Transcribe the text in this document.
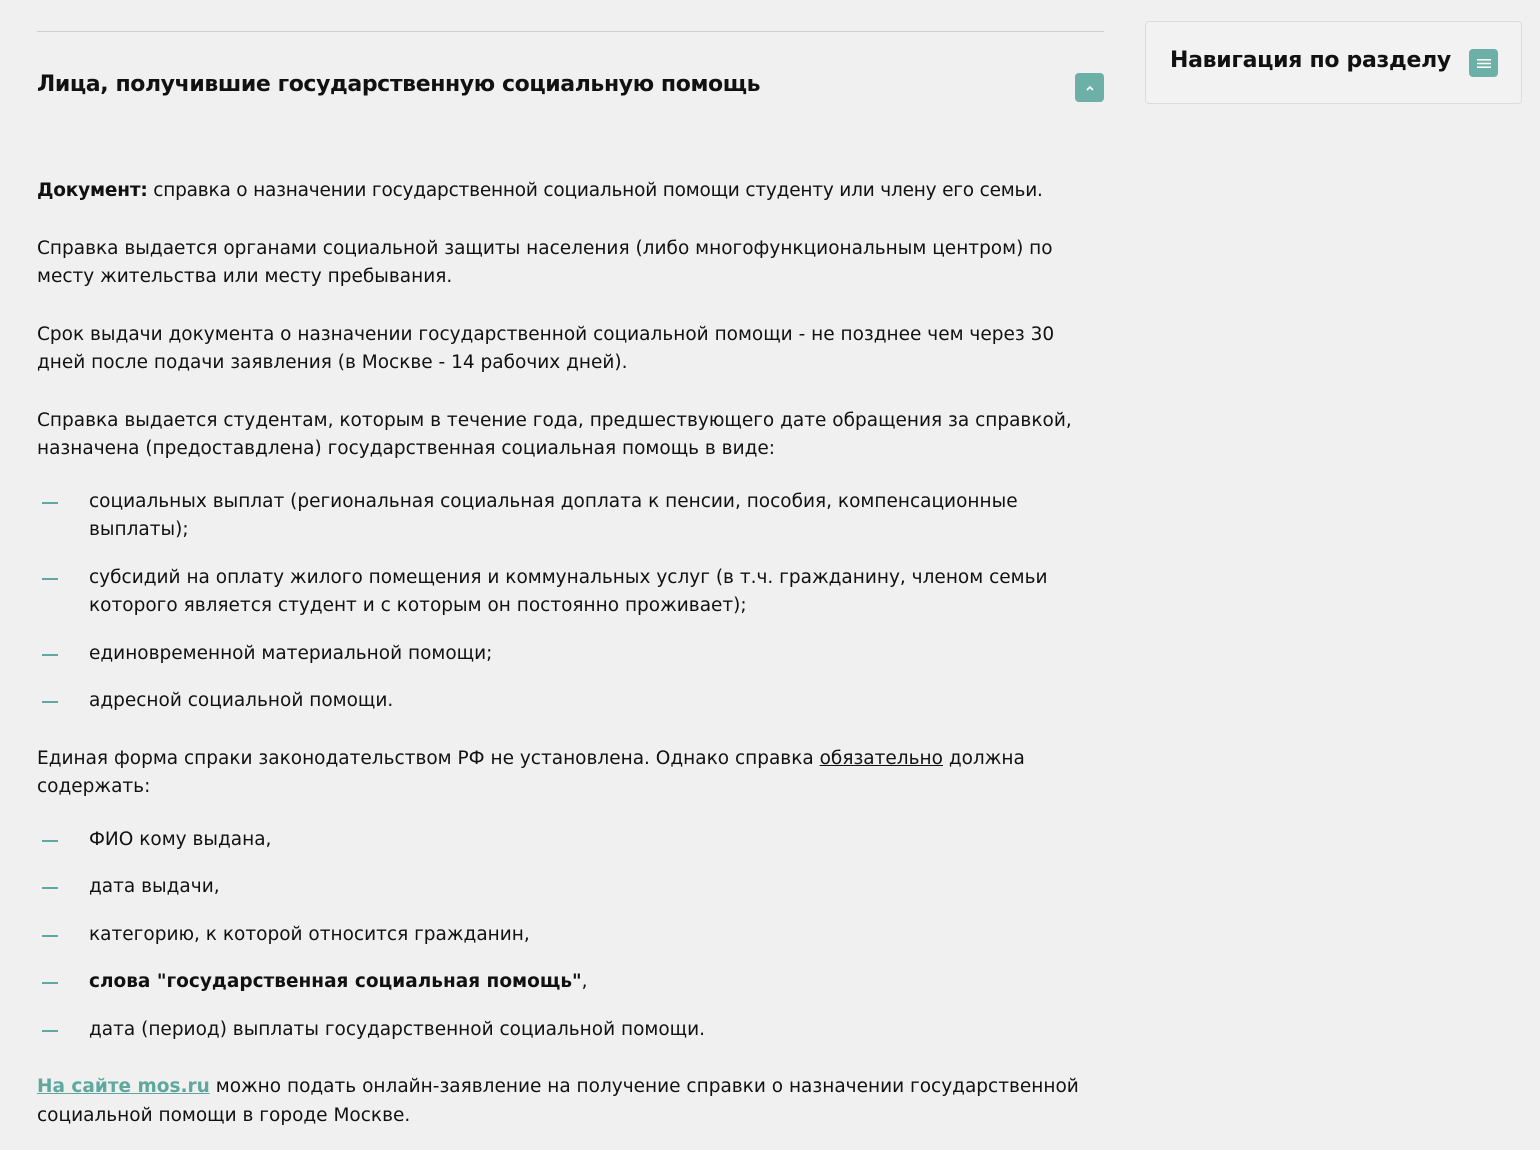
Лица, получившие государственную социальную помощь

Документ: справка о назначении государственной социальной помощи студенту или члену его семьи.

Справка выдается органами социальной защиты населения (либо многофункциональным центром) по месту жительства или месту пребывания.

Срок выдачи документа о назначении государственной социальной помощи - не позднее чем через 30 дней после подачи заявления (в Москве - 14 рабочих дней).

Справка выдается студентам, которым в течение года, предшествующего дате обращения за справкой, назначена (предоставдлена) государственная социальная помощь в виде:

социальных выплат (региональная социальная доплата к пенсии, пособия, компенсационные выплаты);
субсидий на оплату жилого помещения и коммунальных услуг (в т.ч. гражданину, членом семьи которого является студент и с которым он постоянно проживает);
единовременной материальной помощи;
адресной социальной помощи.

Единая форма спраки законодательством РФ не установлена. Однако справка обязательно должна содержать:

ФИО кому выдана,
дата выдачи,
категорию, к которой относится гражданин,
слова "государственная социальная помощь",
дата (период) выплаты государственной социальной помощи.

На сайте mos.ru можно подать онлайн-заявление на получение справки о назначении государственной социальной помощи в городе Москве.

Навигация по разделу
